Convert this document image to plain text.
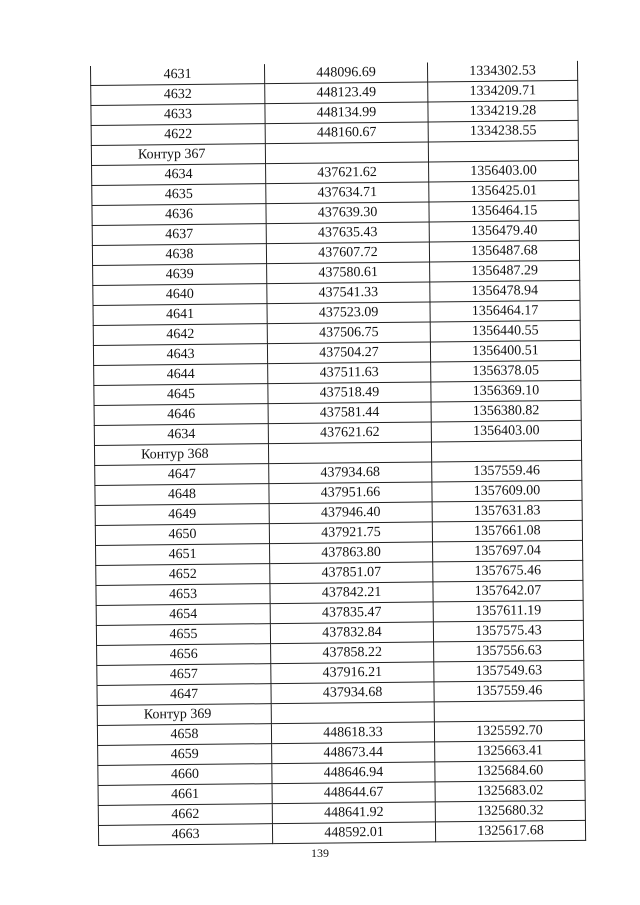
4631	448096.69	1334302.53
4632	448123.49	1334209.71
4633	448134.99	1334219.28
4622	448160.67	1334238.55
Контур 367		
4634	437621.62	1356403.00
4635	437634.71	1356425.01
4636	437639.30	1356464.15
4637	437635.43	1356479.40
4638	437607.72	1356487.68
4639	437580.61	1356487.29
4640	437541.33	1356478.94
4641	437523.09	1356464.17
4642	437506.75	1356440.55
4643	437504.27	1356400.51
4644	437511.63	1356378.05
4645	437518.49	1356369.10
4646	437581.44	1356380.82
4634	437621.62	1356403.00
Контур 368		
4647	437934.68	1357559.46
4648	437951.66	1357609.00
4649	437946.40	1357631.83
4650	437921.75	1357661.08
4651	437863.80	1357697.04
4652	437851.07	1357675.46
4653	437842.21	1357642.07
4654	437835.47	1357611.19
4655	437832.84	1357575.43
4656	437858.22	1357556.63
4657	437916.21	1357549.63
4647	437934.68	1357559.46
Контур 369		
4658	448618.33	1325592.70
4659	448673.44	1325663.41
4660	448646.94	1325684.60
4661	448644.67	1325683.02
4662	448641.92	1325680.32
4663	448592.01	1325617.68
139
